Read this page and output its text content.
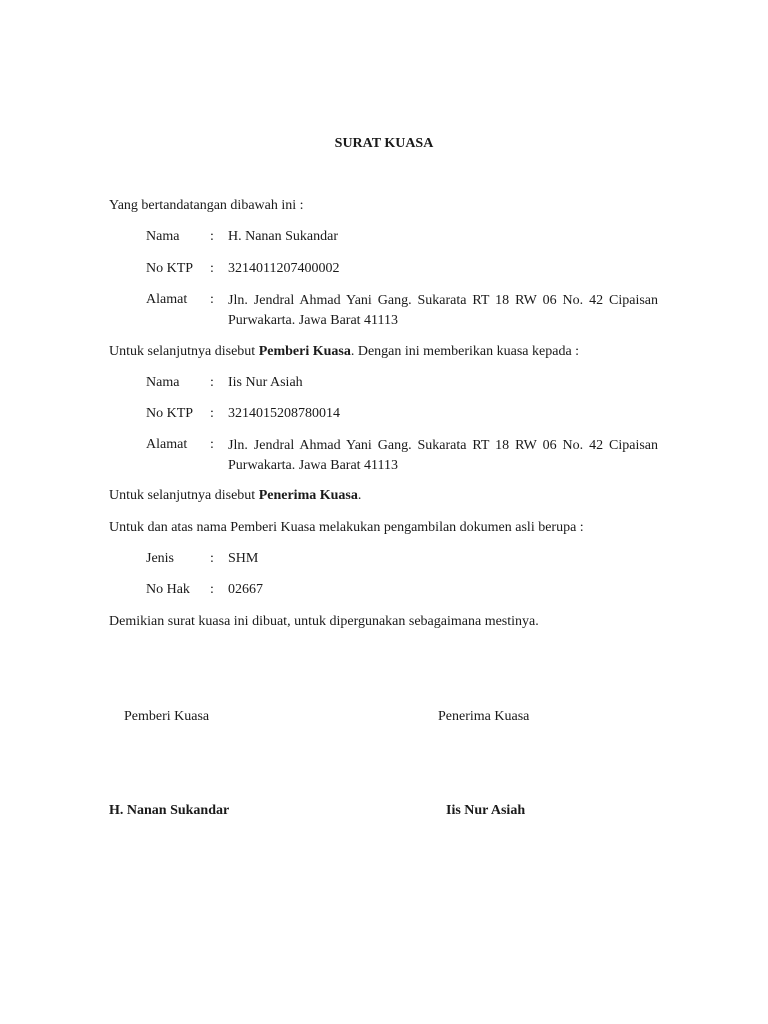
SURAT KUASA
Yang bertandatangan dibawah ini :
Nama : H. Nanan Sukandar
No KTP : 3214011207400002
Alamat : Jln. Jendral Ahmad Yani Gang. Sukarata RT 18 RW 06 No. 42 Cipaisan Purwakarta. Jawa Barat 41113
Untuk selanjutnya disebut Pemberi Kuasa. Dengan ini memberikan kuasa kepada :
Nama : Iis Nur Asiah
No KTP : 3214015208780014
Alamat : Jln. Jendral Ahmad Yani Gang. Sukarata RT 18 RW 06 No. 42 Cipaisan Purwakarta. Jawa Barat 41113
Untuk selanjutnya disebut Penerima Kuasa.
Untuk dan atas nama Pemberi Kuasa melakukan pengambilan dokumen asli berupa :
Jenis	: SHM
No Hak : 02667
Demikian surat kuasa ini dibuat, untuk dipergunakan sebagaimana mestinya.
Pemberi Kuasa	Penerima Kuasa
H. Nanan Sukandar	Iis Nur Asiah
